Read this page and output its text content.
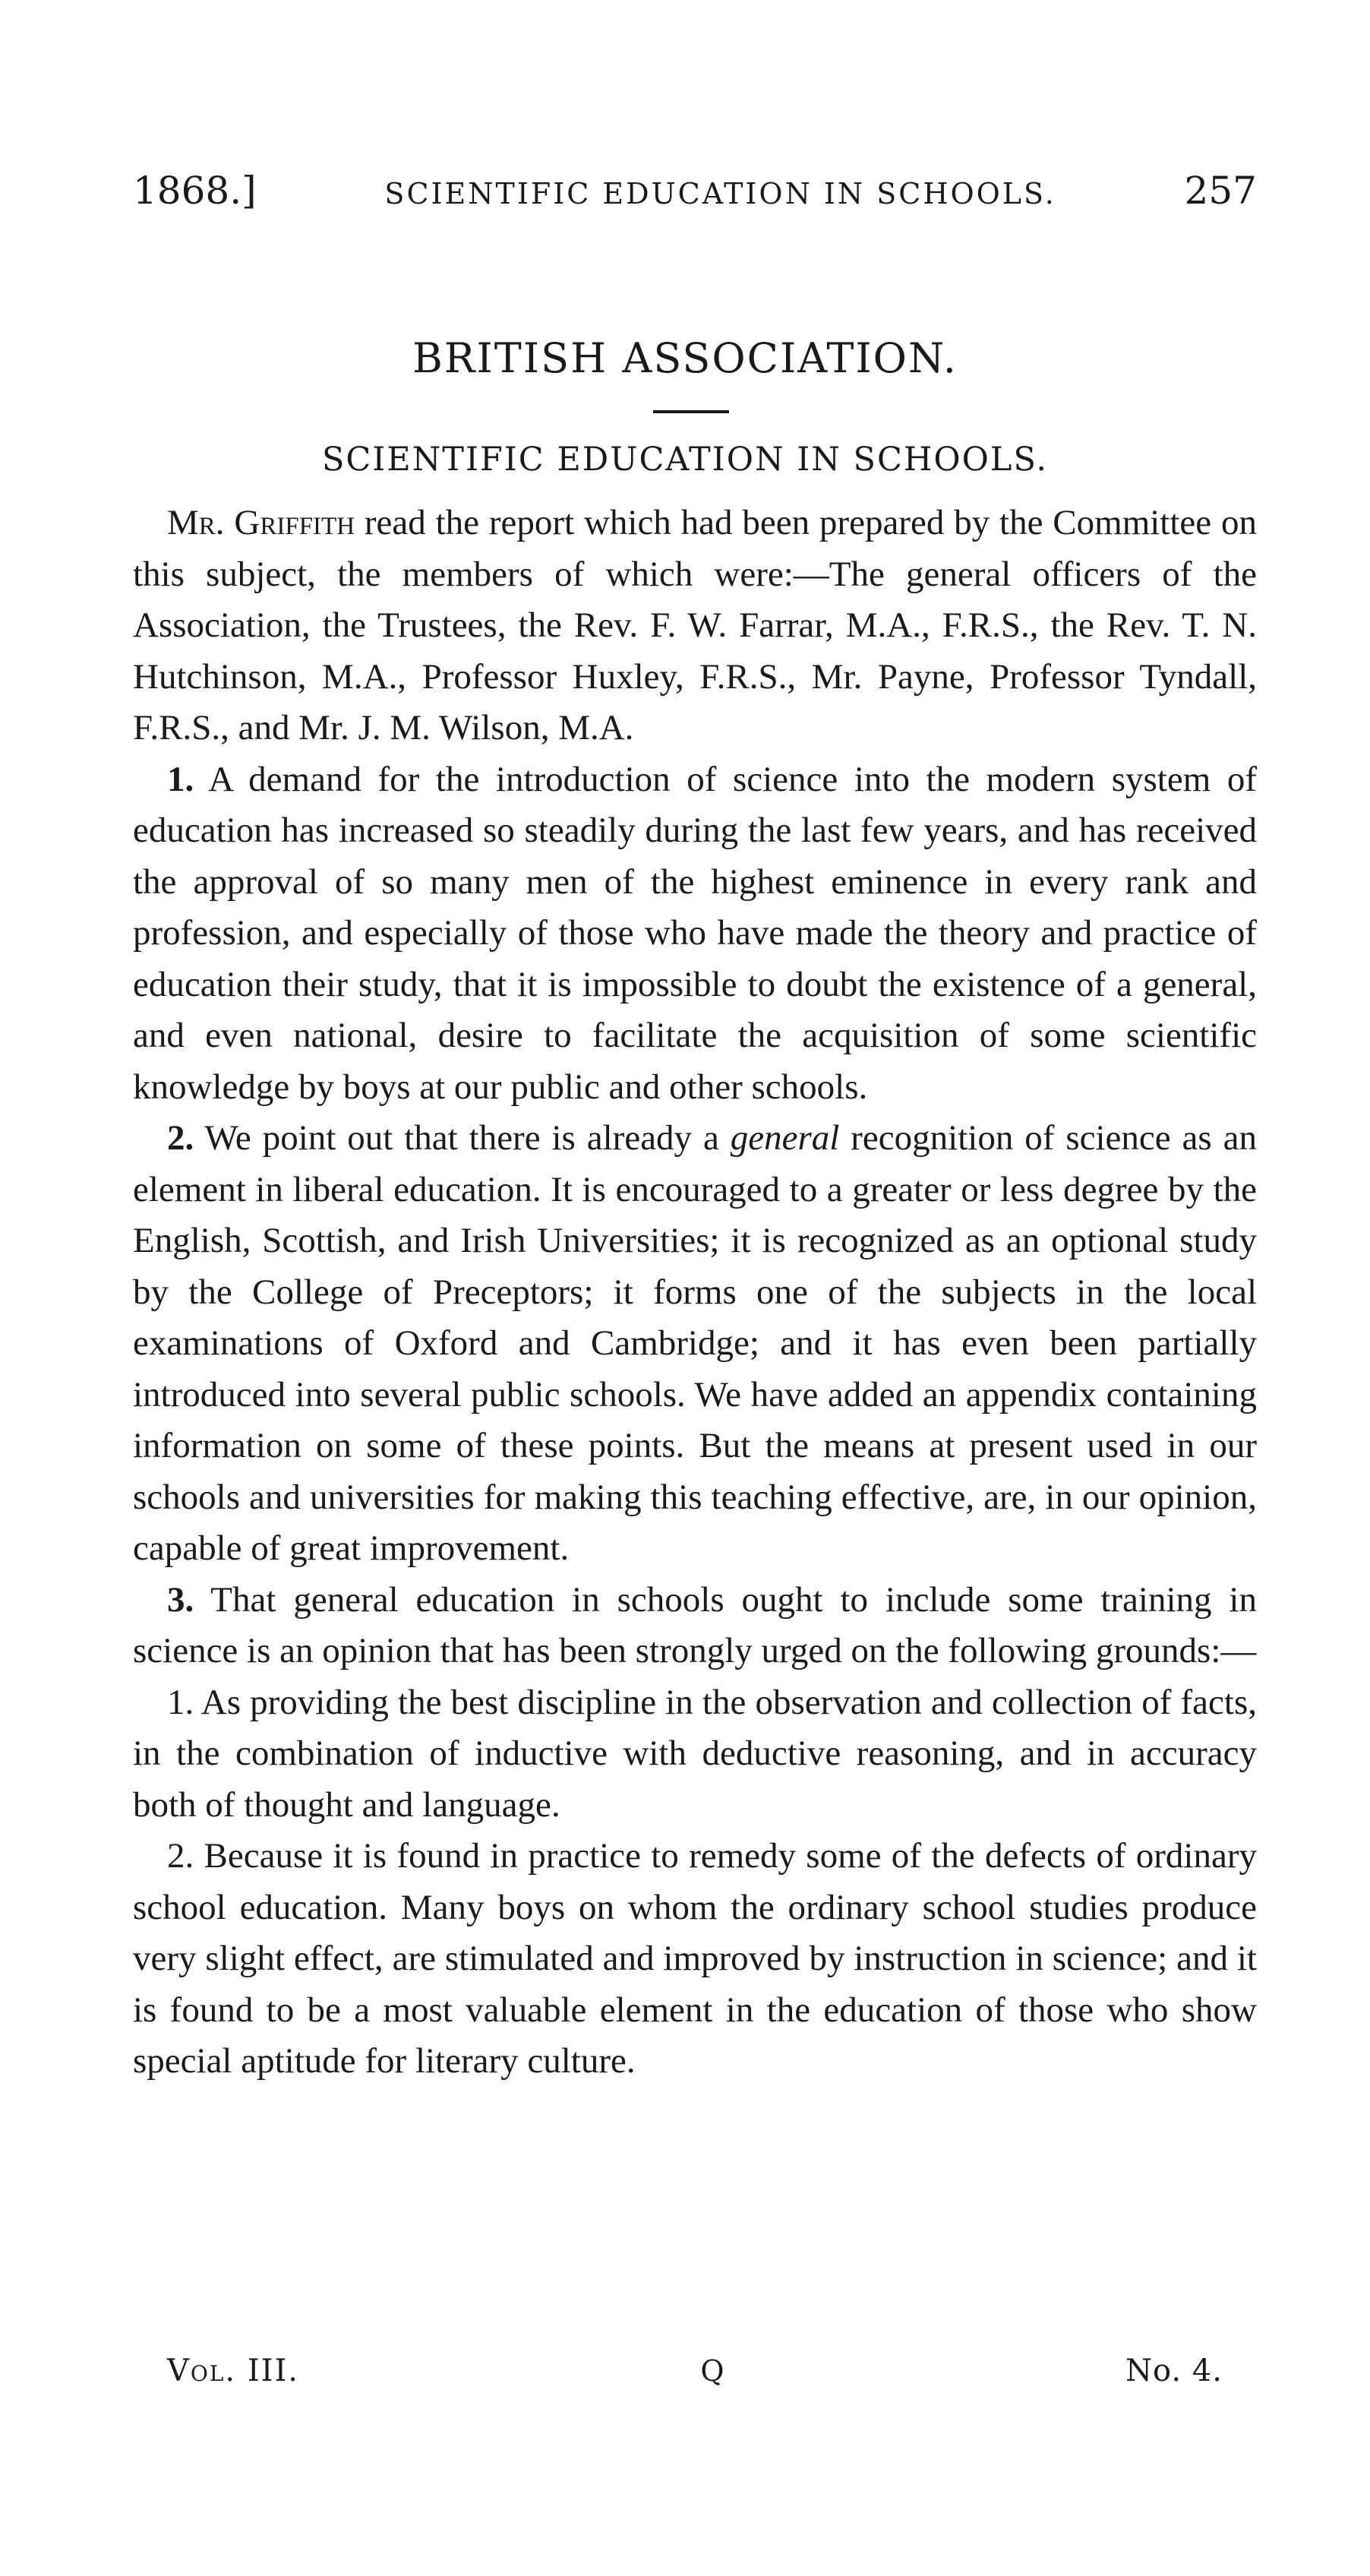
1868.]	SCIENTIFIC EDUCATION IN SCHOOLS.	257
BRITISH ASSOCIATION.
SCIENTIFIC EDUCATION IN SCHOOLS.

Mr. Griffith read the report which had been prepared by the Committee on this subject, the members of which were:—The general officers of the Association, the Trustees, the Rev. F. W. Farrar, M.A., F.R.S., the Rev. T. N. Hutchinson, M.A., Professor Huxley, F.R.S., Mr. Payne, Professor Tyndall, F.R.S., and Mr. J. M. Wilson, M.A.

1. A demand for the introduction of science into the modern system of education has increased so steadily during the last few years, and has received the approval of so many men of the highest eminence in every rank and profession, and especially of those who have made the theory and practice of education their study, that it is impossible to doubt the existence of a general, and even national, desire to facilitate the acquisition of some scientific knowledge by boys at our public and other schools.

2. We point out that there is already a general recognition of science as an element in liberal education. It is encouraged to a greater or less degree by the English, Scottish, and Irish Universities; it is recognized as an optional study by the College of Preceptors; it forms one of the subjects in the local examinations of Oxford and Cambridge; and it has even been partially introduced into several public schools. We have added an appendix containing information on some of these points. But the means at present used in our schools and universities for making this teaching effective, are, in our opinion, capable of great improvement.

3. That general education in schools ought to include some training in science is an opinion that has been strongly urged on the following grounds:—

1. As providing the best discipline in the observation and collection of facts, in the combination of inductive with deductive reasoning, and in accuracy both of thought and language.

2. Because it is found in practice to remedy some of the defects of ordinary school education. Many boys on whom the ordinary school studies produce very slight effect, are stimulated and improved by instruction in science; and it is found to be a most valuable element in the education of those who show special aptitude for literary culture.

Vol. III.	Q	No. 4.
